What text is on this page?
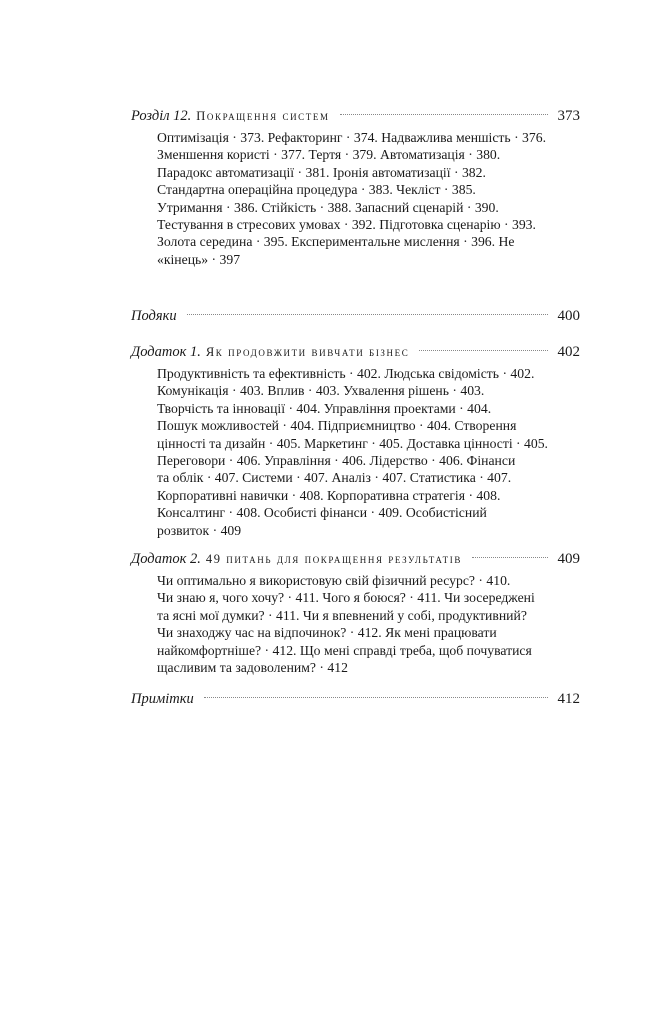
Розділ 12. Покращення систем	373

Оптимізація · 373. Рефакторинг · 374. Надважлива меншість · 376.

Зменшення користі · 377. Тертя · 379. Автоматизація · 380.

Парадокс автоматизації · 381. Іронія автоматизації · 382.

Стандартна операційна процедура · 383. Чекліст · 385.

Утримання · 386. Стійкість · 388. Запасний сценарій · 390.

Тестування в стресових умовах · 392. Підготовка сценарію · 393.

Золота середина · 395. Експериментальне мислення · 396. Не

«кінець» · 397

Подяки	400
Додаток 1. Як продовжити вивчати бізнес	402

Продуктивність та ефективність · 402. Людська свідомість · 402.

Комунікація · 403. Вплив · 403. Ухвалення рішень · 403.

Творчість та інновації · 404. Управління проектами · 404.

Пошук можливостей · 404. Підприємництво · 404. Створення

цінності та дизайн · 405. Маркетинг · 405. Доставка цінності · 405.

Переговори · 406. Управління · 406. Лідерство · 406. Фінанси

та облік · 407. Системи · 407. Аналіз · 407. Статистика · 407.

Корпоративні навички · 408. Корпоративна стратегія · 408.

Консалтинг · 408. Особисті фінанси · 409. Особистісний

розвиток · 409

Додаток 2. 49 питань для покращення результатів	409

Чи оптимально я використовую свій фізичний ресурс? · 410.

Чи знаю я, чого хочу? · 411. Чого я боюся? · 411. Чи зосереджені

та ясні мої думки? · 411. Чи я впевнений у собі, продуктивний?

Чи знаходжу час на відпочинок? · 412. Як мені працювати

найкомфортніше? · 412. Що мені справді треба, щоб почуватися

щасливим та задоволеним? · 412

Примітки	412
